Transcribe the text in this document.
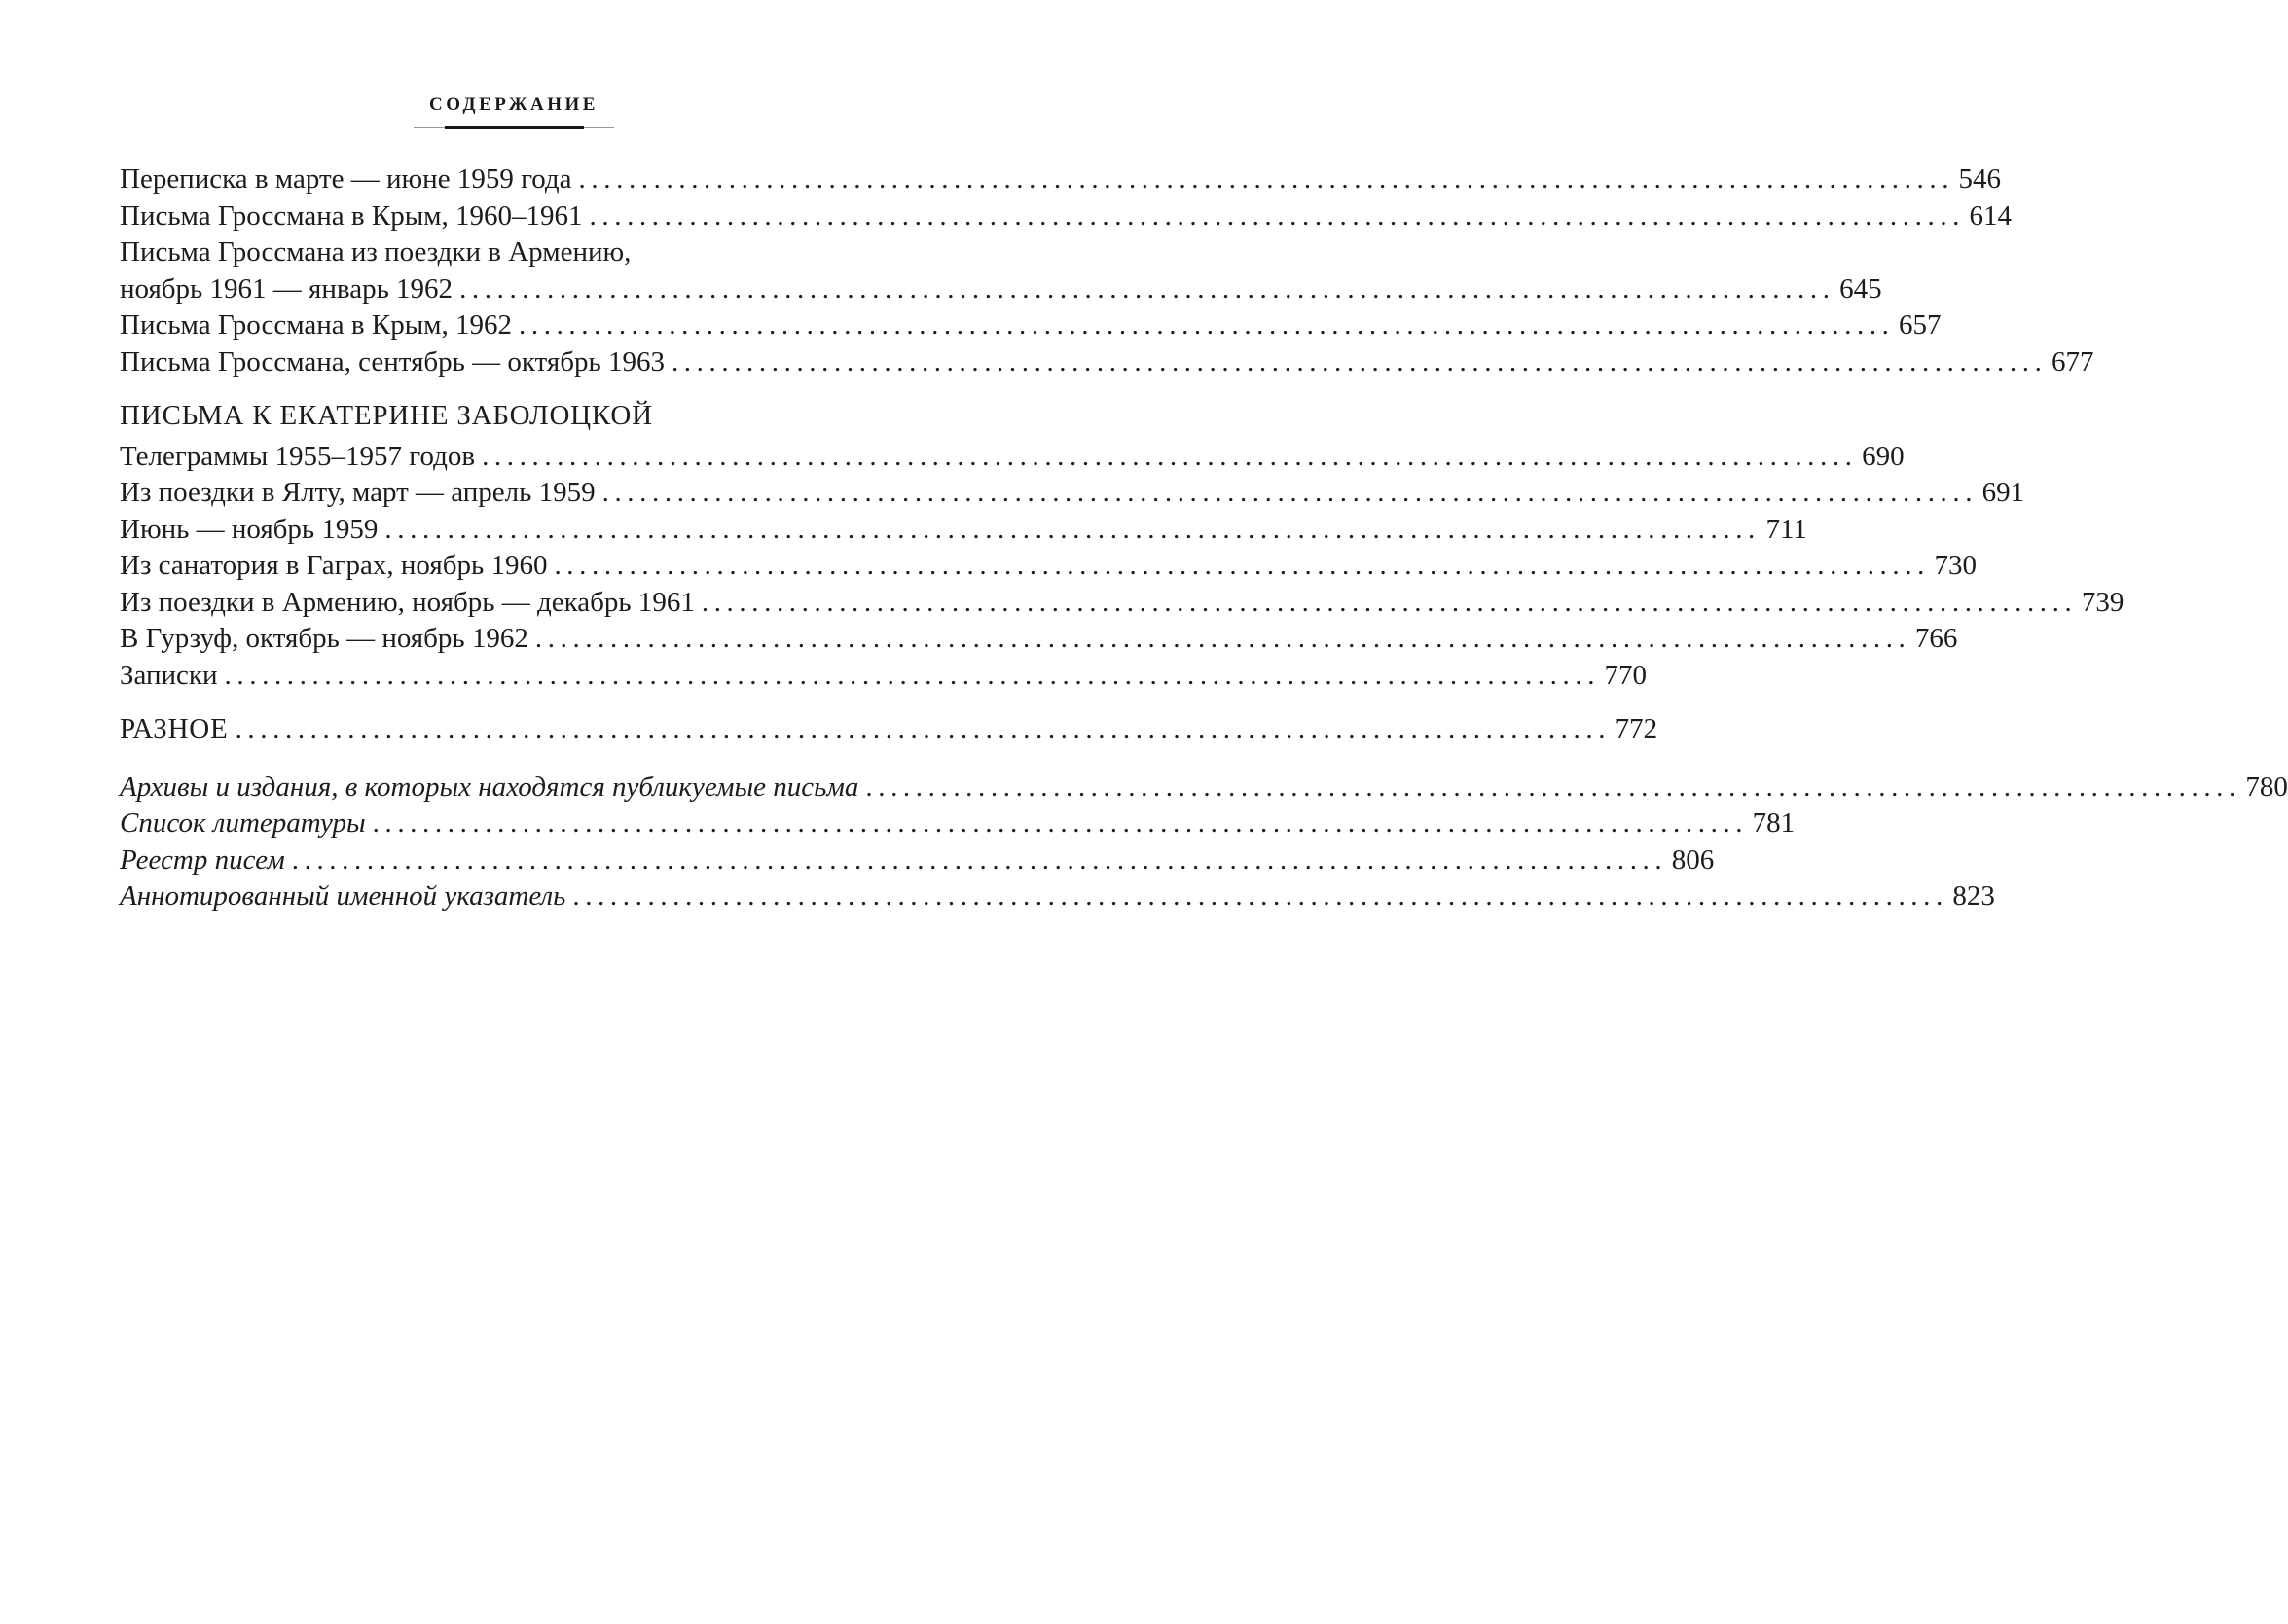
СОДЕРЖАНИЕ
Переписка в марте — июне 1959 года .....	546
Письма Гроссмана в Крым, 1960–1961 .....	614
Письма Гроссмана из поездки в Армению,
ноябрь 1961 — январь 1962 .....	645
Письма Гроссмана в Крым, 1962 .....	657
Письма Гроссмана, сентябрь — октябрь 1963 .....	677
ПИСЬМА К ЕКАТЕРИНЕ ЗАБОЛОЦКОЙ
Телеграммы 1955–1957 годов .....	690
Из поездки в Ялту, март — апрель 1959 .....	691
Июнь — ноябрь 1959 .....	711
Из санатория в Гаграх, ноябрь 1960 .....	730
Из поездки в Армению, ноябрь — декабрь 1961 .....	739
В Гурзуф, октябрь — ноябрь 1962 .....	766
Записки .....	770
РАЗНОЕ .....	772
Архивы и издания, в которых находятся публикуемые письма .....	780
Список литературы .....	781
Реестр писем .....	806
Аннотированный именной указатель .....	823
